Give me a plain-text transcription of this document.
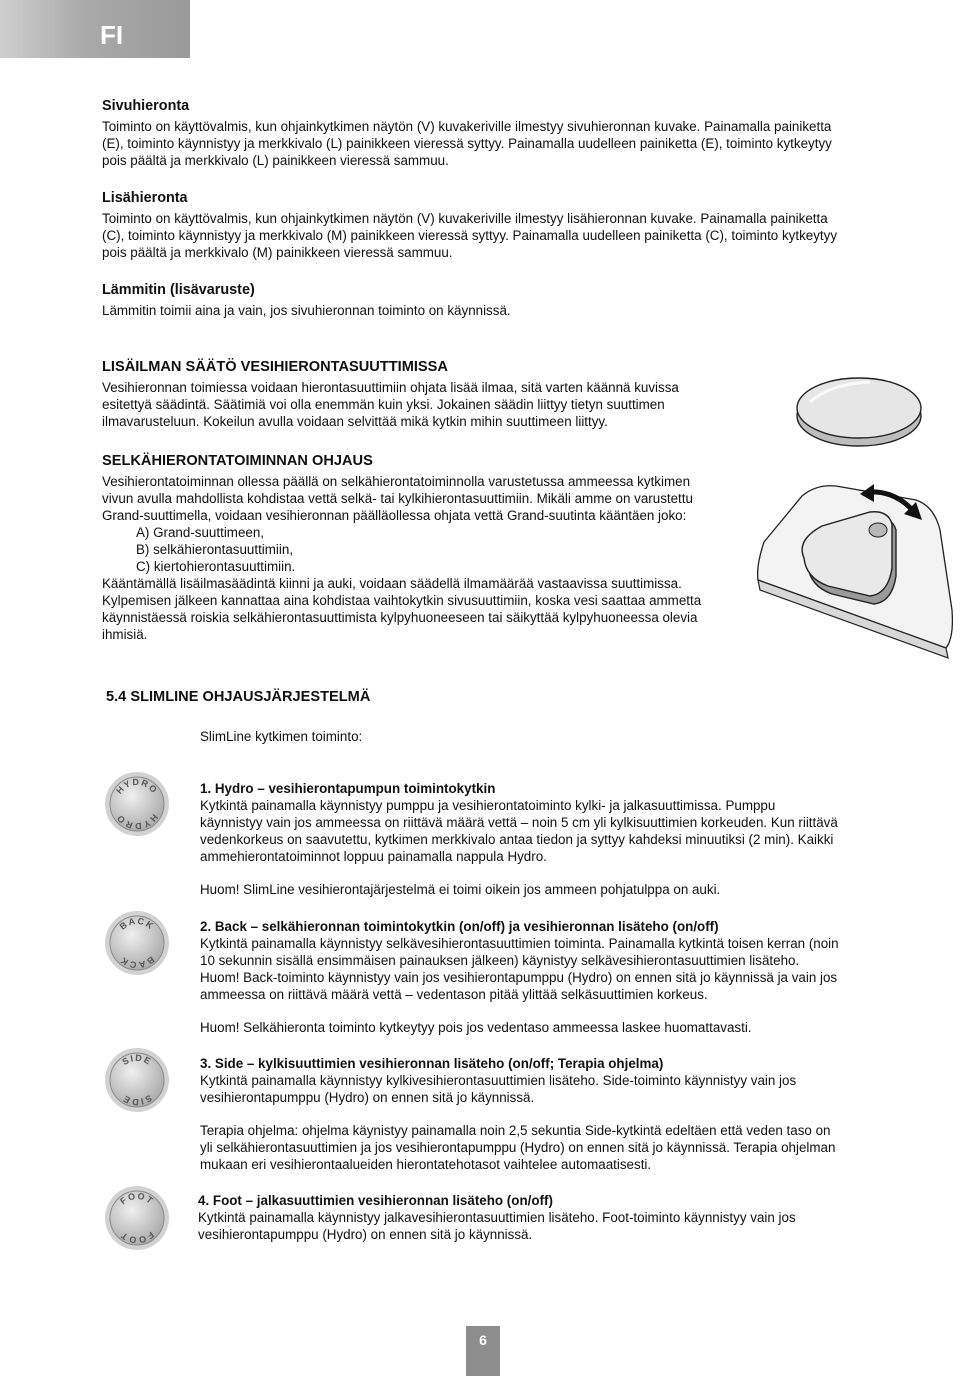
FI
Sivuhieronta
Toiminto on käyttövalmis, kun ohjainkytkimen näytön (V) kuvakeriville ilmestyy sivuhieronnan kuvake. Painamalla painiketta
(E), toiminto käynnistyy ja merkkivalo (L) painikkeen vieressä syttyy. Painamalla uudelleen painiketta (E), toiminto kytkeytyy
pois päältä ja merkkivalo (L) painikkeen vieressä sammuu.
Lisähieronta
Toiminto on käyttövalmis, kun ohjainkytkimen näytön (V) kuvakeriville ilmestyy lisähieronnan kuvake. Painamalla painiketta
(C), toiminto käynnistyy ja merkkivalo (M) painikkeen vieressä syttyy. Painamalla uudelleen painiketta (C), toiminto kytkeytyy
pois päältä ja merkkivalo (M) painikkeen vieressä sammuu.
Lämmitin (lisävaruste)
Lämmitin toimii aina ja vain, jos sivuhieronnan toiminto on käynnissä.
LISÄILMAN SÄÄTÖ VESIHIERONTASUUTTIMISSA
Vesihieronnan toimiessa voidaan hierontasuuttimiin ohjata lisää ilmaa, sitä varten käännä kuvissa
esitettyä säädintä. Säätimiä voi olla enemmän kuin yksi. Jokainen säädin liittyy tietyn suuttimen
ilmavarusteluun. Kokeilun avulla voidaan selvittää mikä kytkin mihin suuttimeen liittyy.
SELKÄHIERONTATOIMINNAN OHJAUS
Vesihierontatoiminnan ollessa päällä on selkähierontatoiminnolla varustetussa ammeessa kytkimen
vivun avulla mahdollista kohdistaa vettä selkä- tai kylkihierontasuuttimiin. Mikäli amme on varustettu
Grand-suuttimella, voidaan vesihieronnan päälläollessa ohjata vettä Grand-suutinta kääntäen joko:
A) Grand-suuttimeen,
B) selkähierontasuuttimiin,
C) kiertohierontasuuttimiin.
Kääntämällä lisäilmasäädintä kiinni ja auki, voidaan säädellä ilmamäärää vastaavissa suuttimissa.
Kylpemisen jälkeen kannattaa aina kohdistaa vaihtokytkin sivusuuttimiin, koska vesi saattaa ammetta
käynnistäessä roiskia selkähierontasuuttimista kylpyhuoneeseen tai säikyttää kylpyhuoneessa olevia
ihmisiä.
5.4 SLIMLINE OHJAUSJÄRJESTELMÄ
SlimLine kytkimen toiminto:
HYDRO
HYDRO
BACK
BACK
SIDE
SIDE
FOOT
FOOT
1. Hydro – vesihierontapumpun toimintokytkin
Kytkintä painamalla käynnistyy pumppu ja vesihierontatoiminto kylki- ja jalkasuuttimissa. Pumppu
käynnistyy vain jos ammeessa on riittävä määrä vettä – noin 5 cm yli kylkisuuttimien korkeuden. Kun riittävä
vedenkorkeus on saavutettu, kytkimen merkkivalo antaa tiedon ja syttyy kahdeksi minuutiksi (2 min). Kaikki
ammehierontatoiminnot loppuu painamalla nappula Hydro.
Huom! SlimLine vesihierontajärjestelmä ei toimi oikein jos ammeen pohjatulppa on auki.
2. Back – selkähieronnan toimintokytkin (on/off) ja vesihieronnan lisäteho (on/off)
Kytkintä painamalla käynnistyy selkävesihierontasuuttimien toiminta. Painamalla kytkintä toisen kerran (noin
10 sekunnin sisällä ensimmäisen painauksen jälkeen) käynistyy selkävesihierontasuuttimien lisäteho.
Huom! Back-toiminto käynnistyy vain jos vesihierontapumppu (Hydro) on ennen sitä jo käynnissä ja vain jos
ammeessa on riittävä määrä vettä – vedentason pitää ylittää selkäsuuttimien korkeus.
Huom! Selkähieronta toiminto kytkeytyy pois jos vedentaso ammeessa laskee huomattavasti.
3. Side – kylkisuuttimien vesihieronnan lisäteho (on/off; Terapia ohjelma)
Kytkintä painamalla käynnistyy kylkivesihierontasuuttimien lisäteho. Side-toiminto käynnistyy vain jos
vesihierontapumppu (Hydro) on ennen sitä jo käynnissä.
Terapia ohjelma: ohjelma käynistyy painamalla noin 2,5 sekuntia Side-kytkintä edeltäen että veden taso on
yli selkähierontasuuttimien ja jos vesihierontapumppu (Hydro) on ennen sitä jo käynnissä. Terapia ohjelman
mukaan eri vesihierontaalueiden hierontatehotasot vaihtelee automaatisesti.
4. Foot – jalkasuuttimien vesihieronnan lisäteho (on/off)
Kytkintä painamalla käynnistyy jalkavesihierontasuuttimien lisäteho. Foot-toiminto käynnistyy vain jos
vesihierontapumppu (Hydro) on ennen sitä jo käynnissä.
6
